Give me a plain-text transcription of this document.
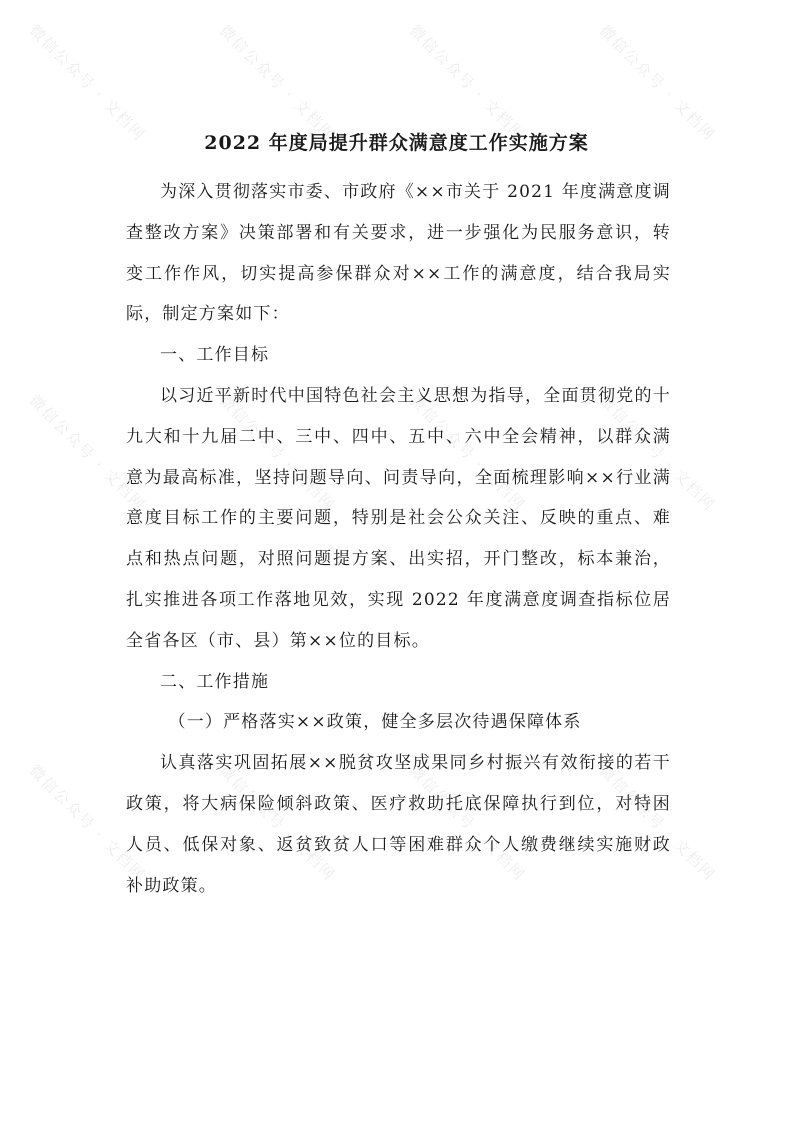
微信公众号 · 文档网	微信公众号 · 文档网	微信公众号 · 文档网	微信公众号 · 文档网
微信公众号 · 文档网	微信公众号 · 文档网	微信公众号 · 文档网	微信公众号 · 文档网
微信公众号 · 文档网	微信公众号 · 文档网	微信公众号 · 文档网	微信公众号 · 文档网
2022 年度局提升群众满意度工作实施方案

为深入贯彻落实市委、市政府《××市关于 2021 年度满意度调查整改方案》决策部署和有关要求，进一步强化为民服务意识，转变工作作风，切实提高参保群众对××工作的满意度，结合我局实际，制定方案如下：

一、工作目标

以习近平新时代中国特色社会主义思想为指导，全面贯彻党的十九大和十九届二中、三中、四中、五中、六中全会精神，以群众满意为最高标准，坚持问题导向、问责导向，全面梳理影响××行业满意度目标工作的主要问题，特别是社会公众关注、反映的重点、难点和热点问题，对照问题提方案、出实招，开门整改，标本兼治，扎实推进各项工作落地见效，实现 2022 年度满意度调查指标位居全省各区（市、县）第××位的目标。

二、工作措施

（一）严格落实××政策，健全多层次待遇保障体系

认真落实巩固拓展××脱贫攻坚成果同乡村振兴有效衔接的若干政策，将大病保险倾斜政策、医疗救助托底保障执行到位，对特困人员、低保对象、返贫致贫人口等困难群众个人缴费继续实施财政补助政策。
